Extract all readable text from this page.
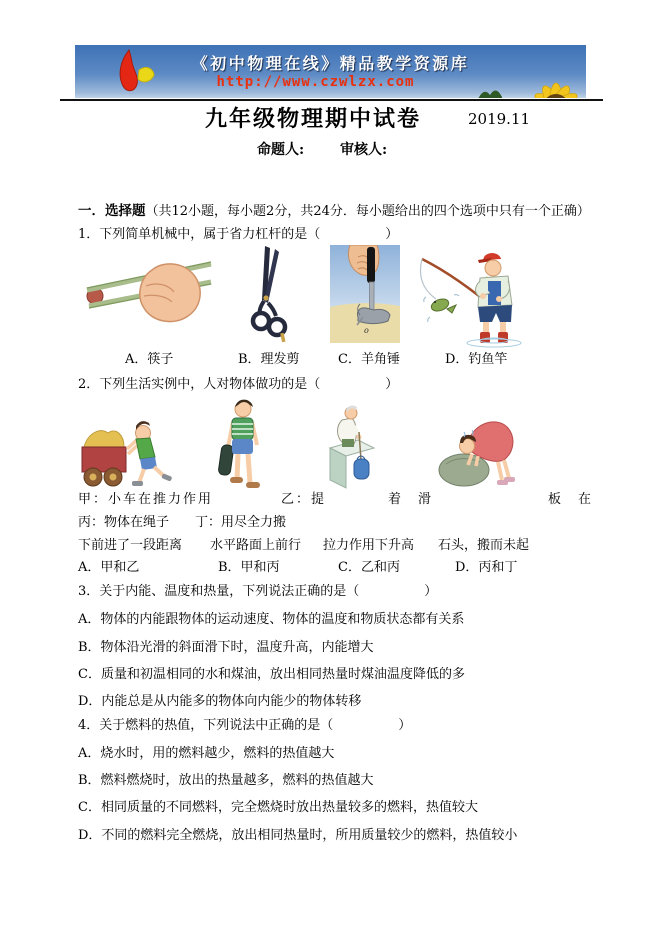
《初中物理在线》精品教学资源库
http://www.czwlzx.com
九年级物理期中试卷	2019.11
命题人:	审核人:
一．选择题（共12小题，每小题2分，共24分．每小题给出的四个选项中只有一个正确）
1．下列简单机械中，属于省力杠杆的是（　　　　　）
o
A．筷子	B．理发剪	C．羊角锤	D．钓鱼竿
2．下列生活实例中，人对物体做功的是（　　　　　）
甲：小车在推力作用	乙：提	着　滑	板　在
丙：物体在绳子 丁：用尽全力搬
下前进了一段距离 水平路面上前行 拉力作用下升高 石头，搬而未起
A．甲和乙	B．甲和丙	C．乙和丙	D．丙和丁
3．关于内能、温度和热量，下列说法正确的是（　　　　　）
A．物体的内能跟物体的运动速度、物体的温度和物质状态都有关系
B．物体沿光滑的斜面滑下时，温度升高，内能增大
C．质量和初温相同的水和煤油，放出相同热量时煤油温度降低的多
D．内能总是从内能多的物体向内能少的物体转移
4．关于燃料的热值，下列说法中正确的是（　　　　　）
A．烧水时，用的燃料越少，燃料的热值越大
B．燃料燃烧时，放出的热量越多，燃料的热值越大
C．相同质量的不同燃料，完全燃烧时放出热量较多的燃料，热值较大
D．不同的燃料完全燃烧，放出相同热量时，所用质量较少的燃料，热值较小
